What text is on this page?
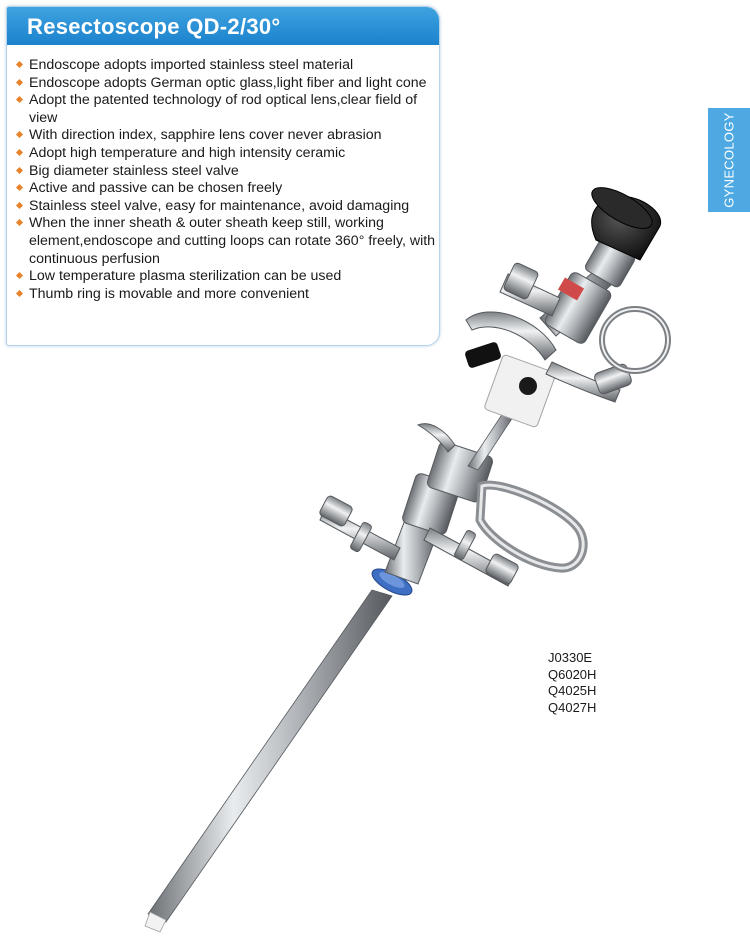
Resectoscope QD-2/30°
Endoscope adopts imported stainless steel material
Endoscope adopts German optic glass,light fiber and light cone
Adopt the patented technology of rod optical lens,clear field of view
With direction index, sapphire lens cover never abrasion
Adopt high temperature and high intensity ceramic
Big diameter stainless steel valve
Active and passive can be chosen freely
Stainless steel valve, easy for maintenance, avoid damaging
When the inner sheath & outer sheath keep still, working element,endoscope and cutting loops can rotate 360° freely, with continuous perfusion
Low temperature plasma sterilization can be used
Thumb ring is movable and more convenient
GYNECOLOGY
J0330E
Q6020H
Q4025H
Q4027H
